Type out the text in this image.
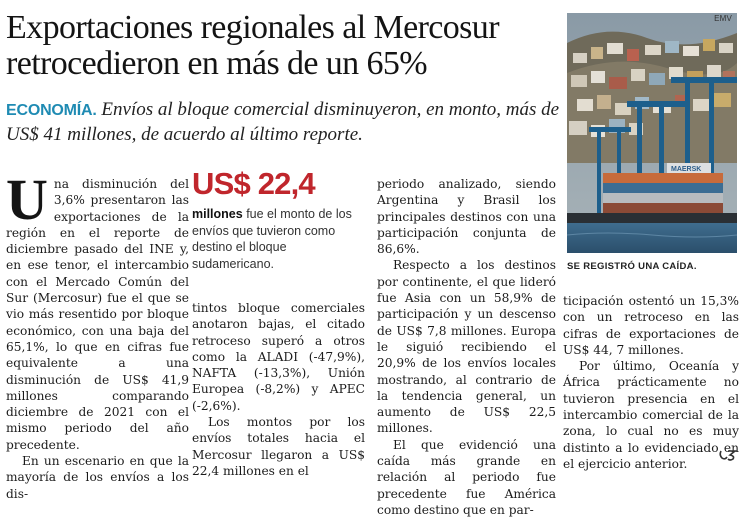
Exportaciones regionales al Mercosur retrocedieron en más de un 65%
ECONOMÍA. Envíos al bloque comercial disminuyeron, en monto, más de US$ 41 millones, de acuerdo al último reporte.
U na disminución del 3,6% presentaron las exportaciones de la región en el reporte de diciembre pasado del INE y, en ese tenor, el intercambio con el Mercado Común del Sur (Mercosur) fue el que se vio más resentido por bloque económico, con una baja del 65,1%, lo que en cifras fue equivalente a una disminución de US$ 41,9 millones comparando diciembre de 2021 con el mismo periodo del año precedente.

En un escenario en que la mayoría de los envíos a los dis-

US$ 22,4
millones fue el monto de los envíos que tuvieron como destino el bloque sudamericano.

tintos bloque comerciales anotaron bajas, el citado retroceso superó a otros como la ALADI (-47,9%), NAFTA (-13,3%), Unión Europea (-8,2%) y APEC (-2,6%).

Los montos por los envíos totales hacia el Mercosur llegaron a US$ 22,4 millones en el

periodo analizado, siendo Argentina y Brasil los principales destinos con una participación conjunta de 86,6%.

Respecto a los destinos por continente, el que lideró fue Asia con un 58,9% de participación y un descenso de US$ 7,8 millones. Europa le siguió recibiendo el 20,9% de los envíos locales mostrando, al contrario de la tendencia general, un aumento de US$ 22,5 millones.

El que evidenció una caída más grande en relación al periodo fue precedente fue América como destino que en par-

MAERSK
EMV
SE REGISTRÓ UNA CAÍDA.

ticipación ostentó un 15,3% con un retroceso en las cifras de exportaciones de US$ 44, 7 millones.

Por último, Oceanía y África prácticamente no tuvieron presencia en el intercambio comercial de la zona, lo cual no es muy distinto a lo evidenciado en el ejercicio anterior.
